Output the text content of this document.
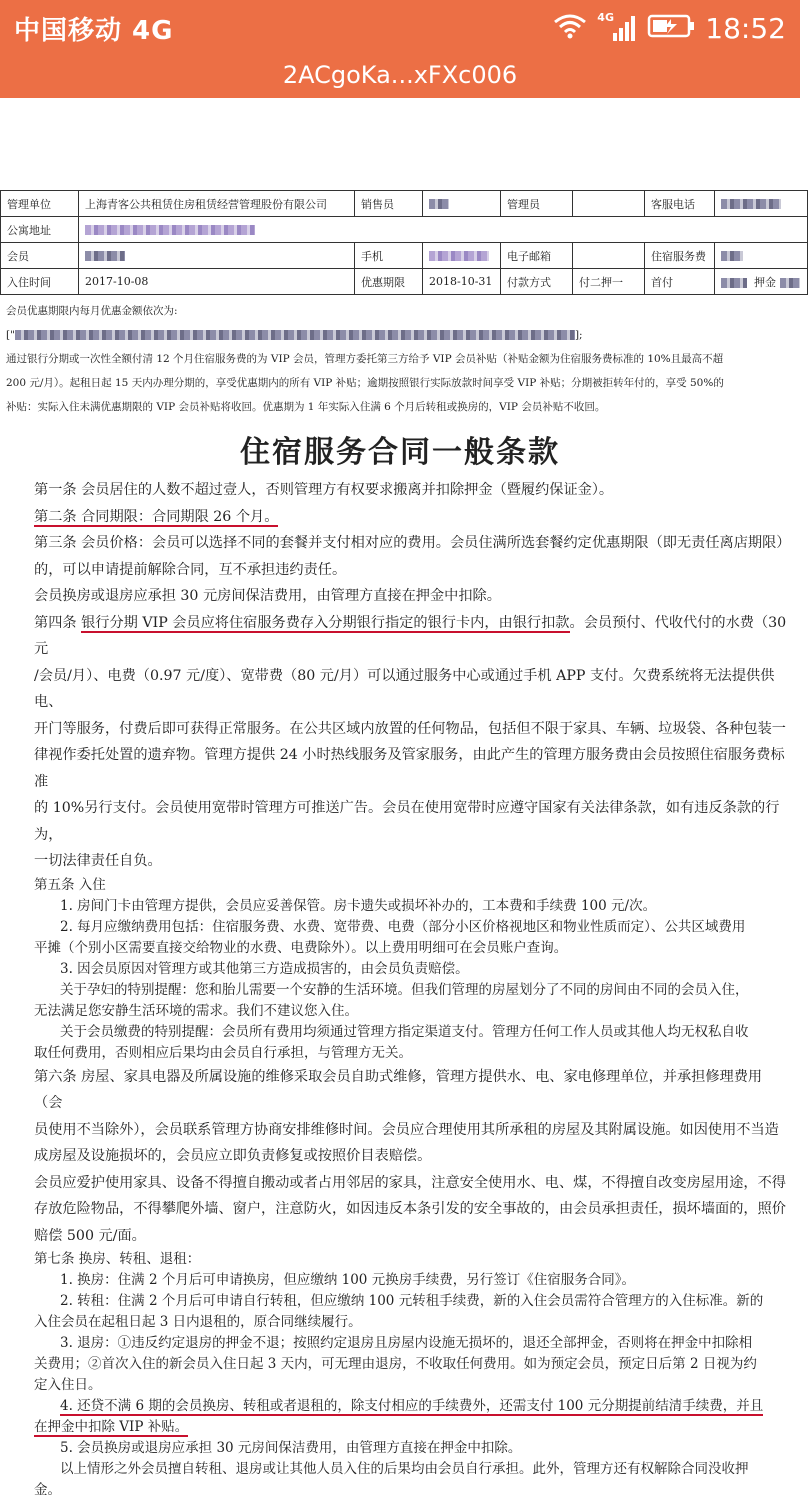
中国移动 4G	4G	18:52
2ACgoKa...xFXc006
管理单位	上海青客公共租赁住房租赁经营管理股份有限公司	销售员		管理员		客服电话	
公寓地址							
会员		手机		电子邮箱		住宿服务费	
入住时间	2017-10-08	优惠期限	2018-10-31	付款方式	付二押一	首付	押金

会员优惠期限内每月优惠金额依次为:

["	];

通过银行分期或一次性全额付清 12 个月住宿服务费的为 VIP 会员，管理方委托第三方给予 VIP 会员补贴（补贴金额为住宿服务费标准的 10%且最高不超

200 元/月）。起租日起 15 天内办理分期的，享受优惠期内的所有 VIP 补贴；逾期按照银行实际放款时间享受 VIP 补贴；分期被拒转年付的，享受 50%的

补贴：实际入住未满优惠期限的 VIP 会员补贴将收回。优惠期为 1 年实际入住满 6 个月后转租或换房的，VIP 会员补贴不收回。

住宿服务合同一般条款

第一条 会员居住的人数不超过壹人，否则管理方有权要求搬离并扣除押金（暨履约保证金）。

第二条 合同期限：合同期限 26 个月。

第三条 会员价格：会员可以选择不同的套餐并支付相对应的费用。会员住满所选套餐约定优惠期限（即无责任离店期限）

的，可以申请提前解除合同，互不承担违约责任。

会员换房或退房应承担 30 元房间保洁费用，由管理方直接在押金中扣除。

第四条 银行分期 VIP 会员应将住宿服务费存入分期银行指定的银行卡内，由银行扣款。会员预付、代收代付的水费（30 元

/会员/月）、电费（0.97 元/度）、宽带费（80 元/月）可以通过服务中心或通过手机 APP 支付。欠费系统将无法提供供电、

开门等服务，付费后即可获得正常服务。在公共区域内放置的任何物品，包括但不限于家具、车辆、垃圾袋、各种包装一

律视作委托处置的遗弃物。管理方提供 24 小时热线服务及管家服务，由此产生的管理方服务费由会员按照住宿服务费标准

的 10%另行支付。会员使用宽带时管理方可推送广告。会员在使用宽带时应遵守国家有关法律条款，如有违反条款的行为，

一切法律责任自负。

第五条 入住

1. 房间门卡由管理方提供，会员应妥善保管。房卡遗失或损坏补办的，工本费和手续费 100 元/次。

2. 每月应缴纳费用包括：住宿服务费、水费、宽带费、电费（部分小区价格视地区和物业性质而定）、公共区域费用

平摊（个别小区需要直接交给物业的水费、电费除外）。以上费用明细可在会员账户查询。

3. 因会员原因对管理方或其他第三方造成损害的，由会员负责赔偿。

关于孕妇的特别提醒：您和胎儿需要一个安静的生活环境。但我们管理的房屋划分了不同的房间由不同的会员入住，

无法满足您安静生活环境的需求。我们不建议您入住。

关于会员缴费的特别提醒：会员所有费用均须通过管理方指定渠道支付。管理方任何工作人员或其他人均无权私自收

取任何费用，否则相应后果均由会员自行承担，与管理方无关。

第六条 房屋、家具电器及所属设施的维修采取会员自助式维修，管理方提供水、电、家电修理单位，并承担修理费用（会

员使用不当除外），会员联系管理方协商安排维修时间。会员应合理使用其所承租的房屋及其附属设施。如因使用不当造

成房屋及设施损坏的，会员应立即负责修复或按照价目表赔偿。

会员应爱护使用家具、设备不得擅自搬动或者占用邻居的家具，注意安全使用水、电、煤，不得擅自改变房屋用途，不得

存放危险物品，不得攀爬外墙、窗户，注意防火，如因违反本条引发的安全事故的，由会员承担责任，损坏墙面的，照价

赔偿 500 元/面。

第七条 换房、转租、退租：

1. 换房：住满 2 个月后可申请换房，但应缴纳 100 元换房手续费，另行签订《住宿服务合同》。

2. 转租：住满 2 个月后可申请自行转租，但应缴纳 100 元转租手续费，新的入住会员需符合管理方的入住标准。新的

入住会员在起租日起 3 日内退租的，原合同继续履行。

3. 退房：①违反约定退房的押金不退；按照约定退房且房屋内设施无损坏的，退还全部押金，否则将在押金中扣除相

关费用；②首次入住的新会员入住日起 3 天内，可无理由退房，不收取任何费用。如为预定会员，预定日后第 2 日视为约

定入住日。

4. 还贷不满 6 期的会员换房、转租或者退租的，除支付相应的手续费外，还需支付 100 元分期提前结清手续费，并且

在押金中扣除 VIP 补贴。

5. 会员换房或退房应承担 30 元房间保洁费用，由管理方直接在押金中扣除。

以上情形之外会员擅自转租、退房或让其他人员入住的后果均由会员自行承担。此外，管理方还有权解除合同没收押

金。
